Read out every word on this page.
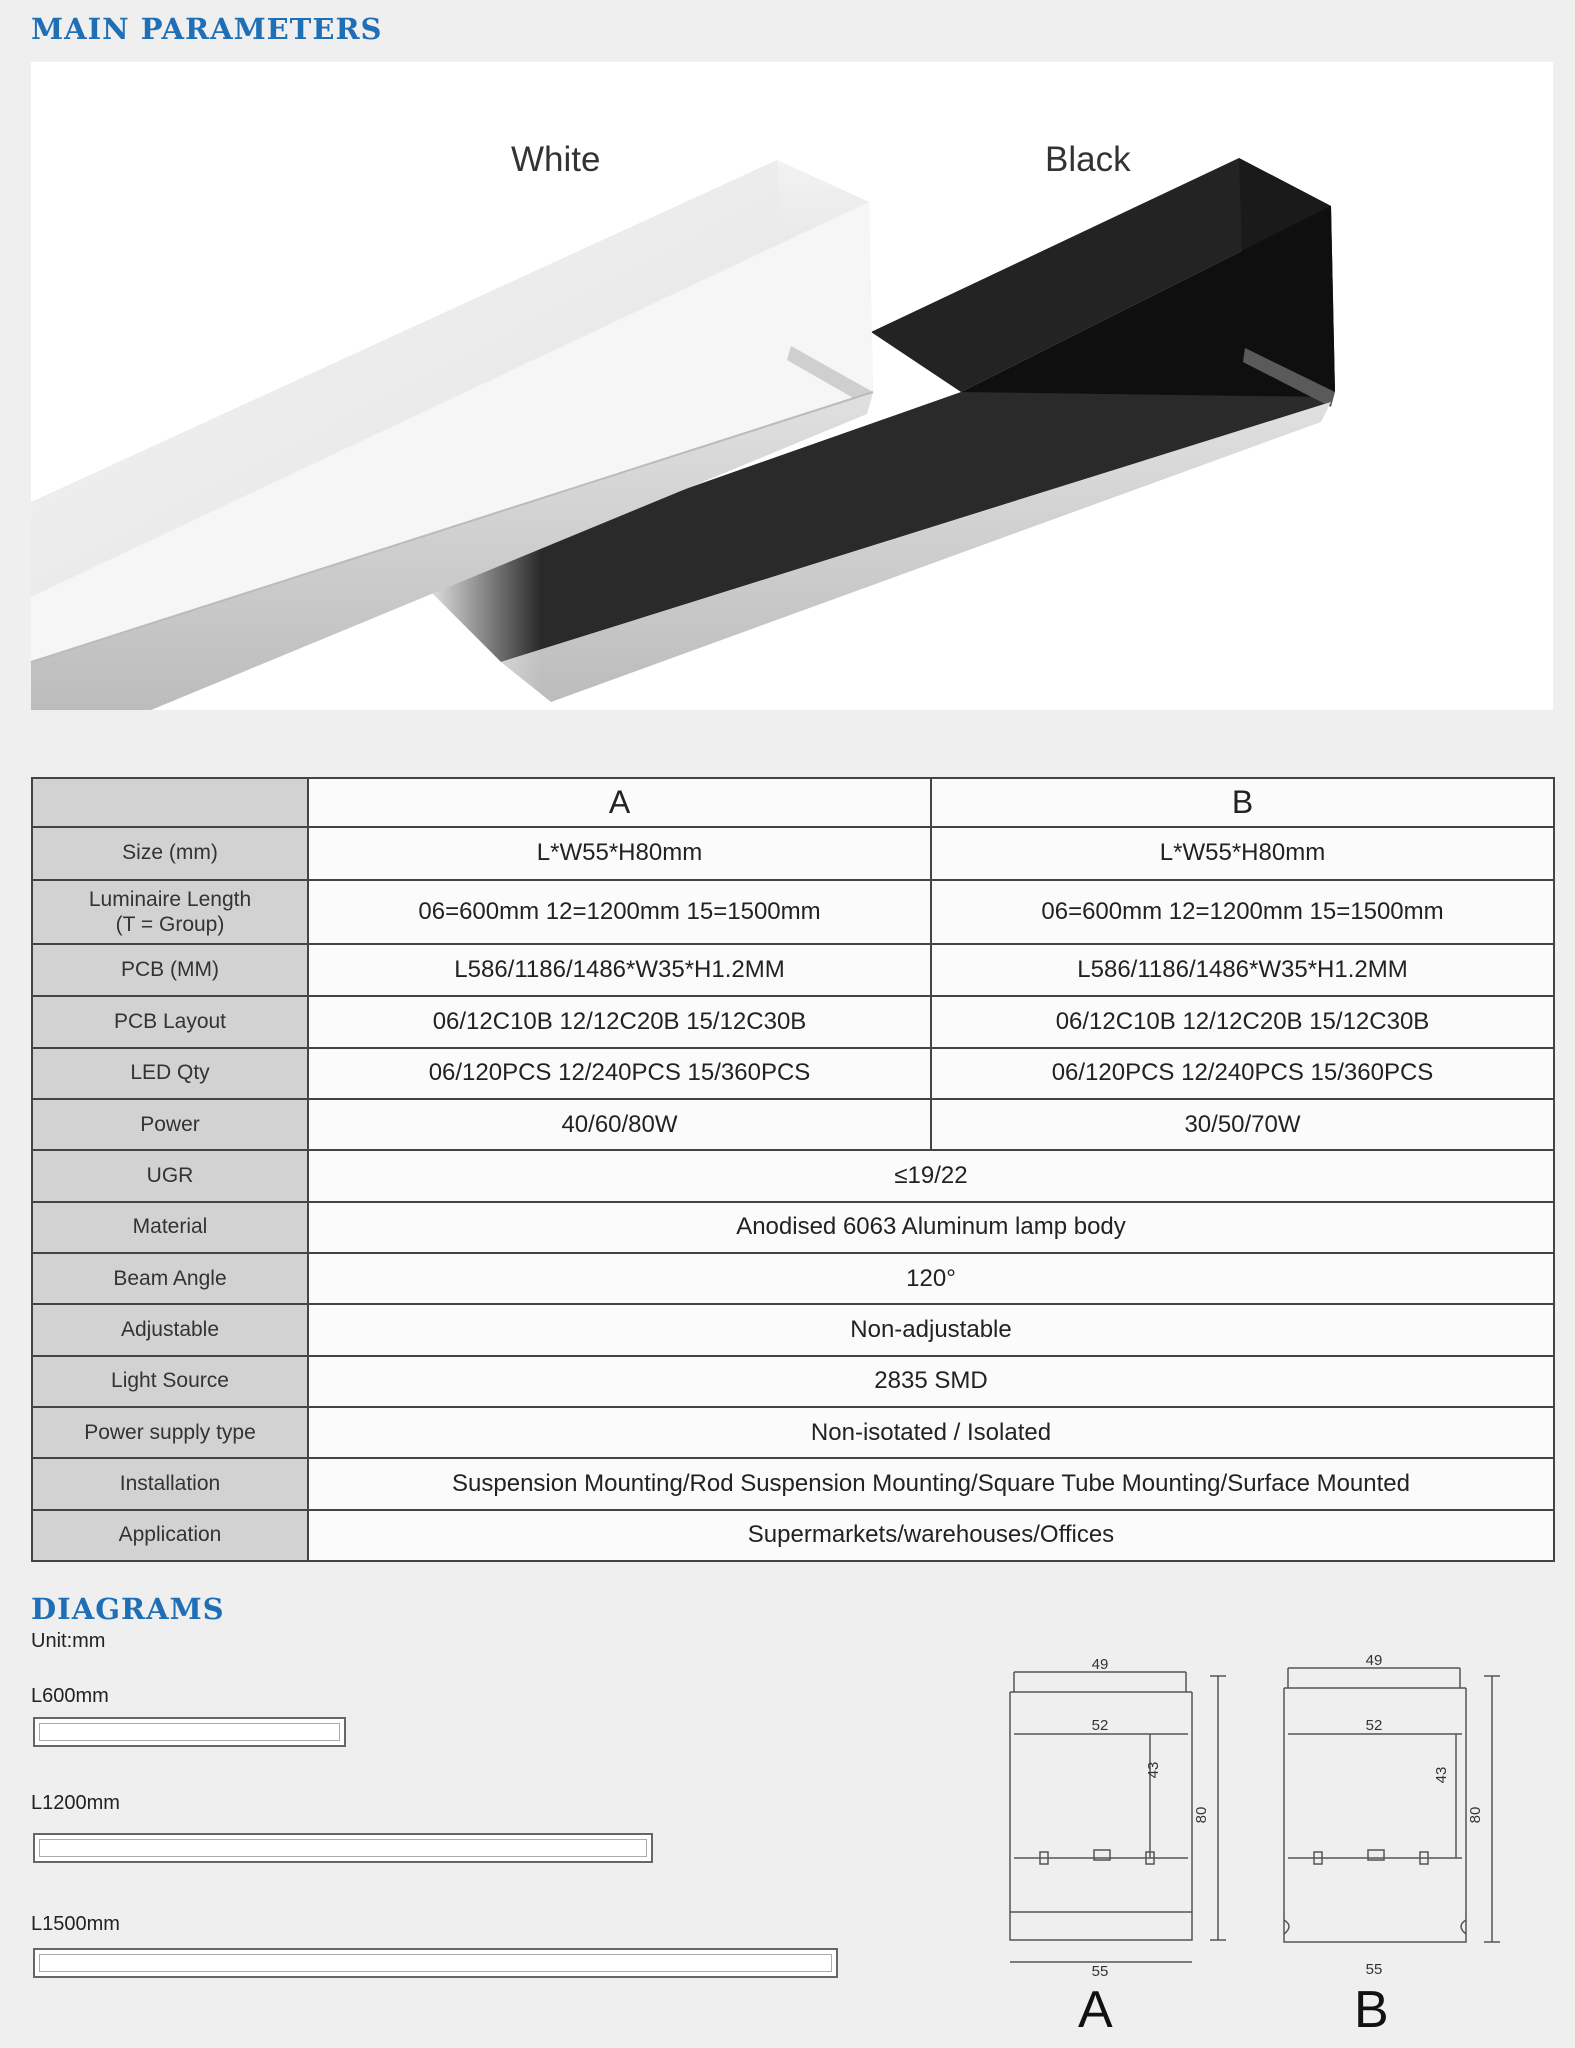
MAIN PARAMETERS
White	Black
	A	B
Size (mm)	L*W55*H80mm	L*W55*H80mm

Luminaire Length
(T = Group)	06=600mm 12=1200mm 15=1500mm	06=600mm 12=1200mm 15=1500mm
PCB (MM)	L586/1186/1486*W35*H1.2MM	L586/1186/1486*W35*H1.2MM
PCB Layout	06/12C10B 12/12C20B 15/12C30B	06/12C10B 12/12C20B 15/12C30B
LED Qty	06/120PCS 12/240PCS 15/360PCS	06/120PCS 12/240PCS 15/360PCS
Power	40/60/80W	30/50/70W
UGR	≤19/22	
Material	Anodised 6063 Aluminum lamp body	
Beam Angle	120°	
Adjustable	Non-adjustable	
Light Source	2835 SMD	
Power supply type	Non-isotated / Isolated	
Installation	Suspension Mounting/Rod Suspension Mounting/Square Tube Mounting/Surface Mounted	
Application	Supermarkets/warehouses/Offices	
DIAGRAMS
Unit:mm
L600mm
L1200mm
L1500mm
49
52
43
80
55
A
49
52
43
80
55
B
